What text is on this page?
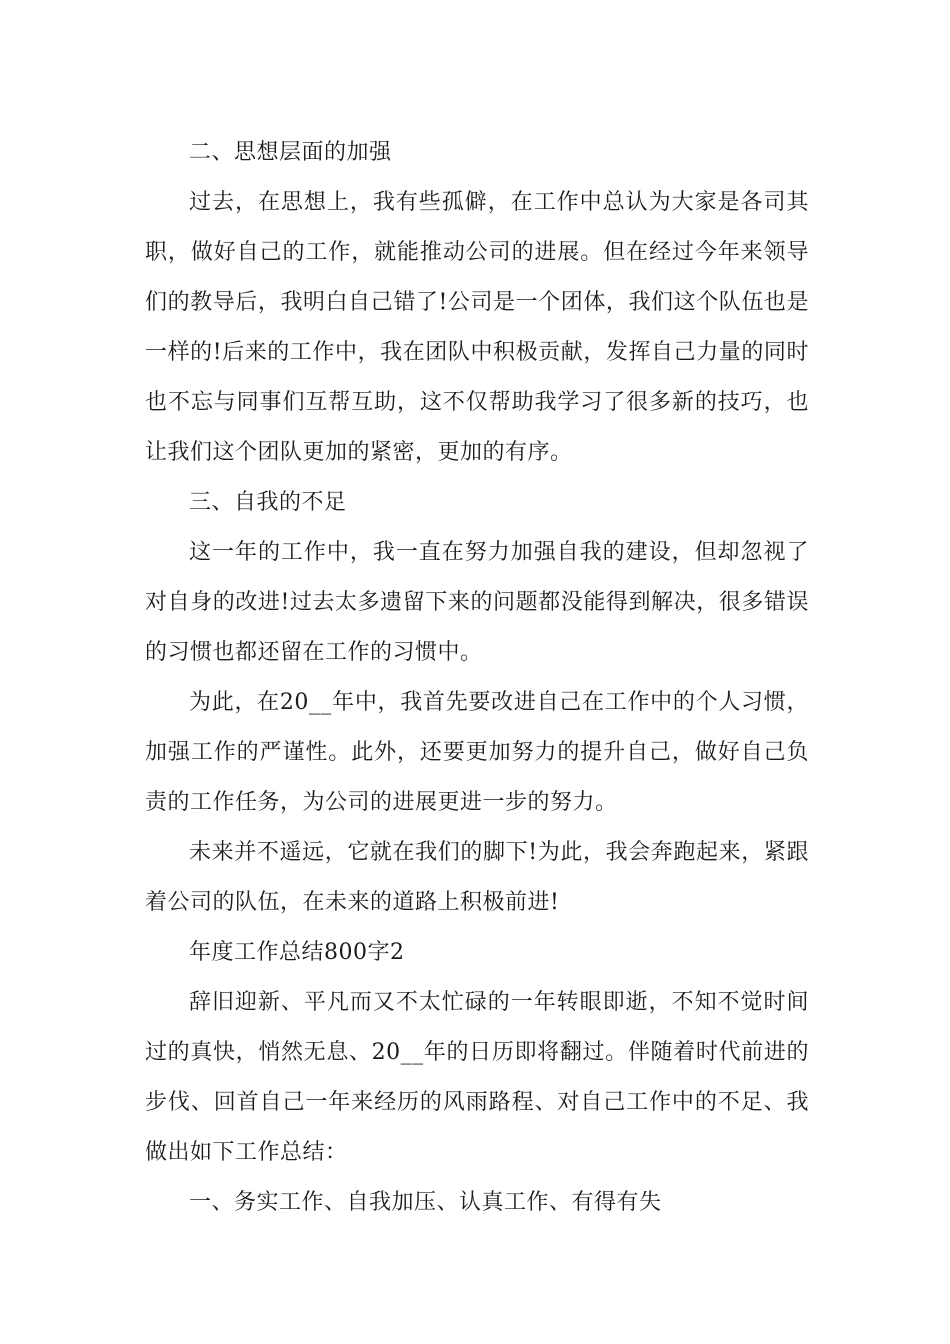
二、思想层面的加强

过去，在思想上，我有些孤僻，在工作中总认为大家是各司其职，做好自己的工作，就能推动公司的进展。但在经过今年来领导们的教导后，我明白自己错了!公司是一个团体，我们这个队伍也是一样的!后来的工作中，我在团队中积极贡献，发挥自己力量的同时也不忘与同事们互帮互助，这不仅帮助我学习了很多新的技巧，也让我们这个团队更加的紧密，更加的有序。

三、自我的不足

这一年的工作中，我一直在努力加强自我的建设，但却忽视了对自身的改进!过去太多遗留下来的问题都没能得到解决，很多错误的习惯也都还留在工作的习惯中。

为此，在20__年中，我首先要改进自己在工作中的个人习惯，加强工作的严谨性。此外，还要更加努力的提升自己，做好自己负责的工作任务，为公司的进展更进一步的努力。

未来并不遥远，它就在我们的脚下!为此，我会奔跑起来，紧跟着公司的队伍，在未来的道路上积极前进!

年度工作总结800字2

辞旧迎新、平凡而又不太忙碌的一年转眼即逝，不知不觉时间过的真快，悄然无息、20__年的日历即将翻过。伴随着时代前进的步伐、回首自己一年来经历的风雨路程、对自己工作中的不足、我做出如下工作总结：

一、务实工作、自我加压、认真工作、有得有失
